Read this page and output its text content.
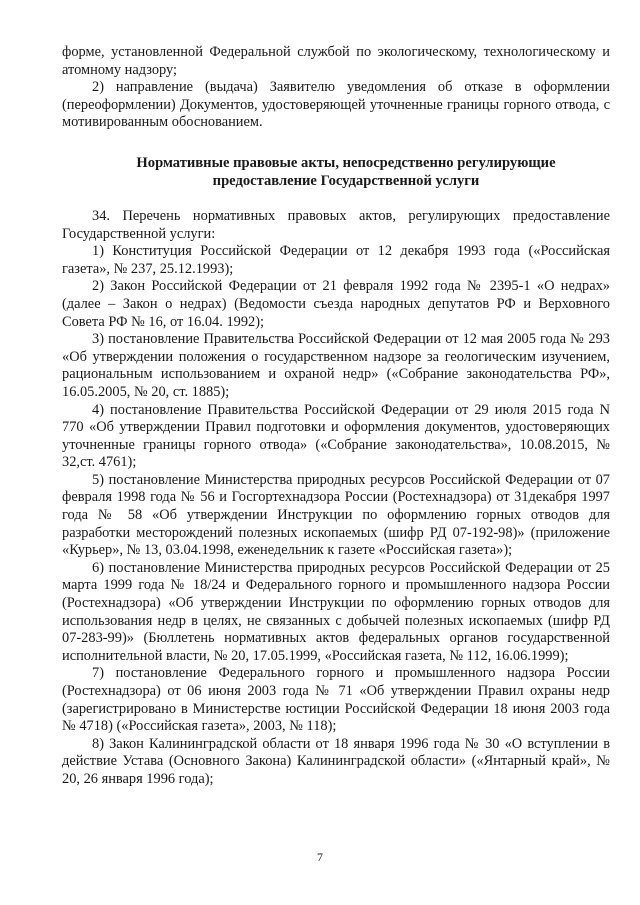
форме, установленной Федеральной службой по экологическому, технологическому и атомному надзору;

2) направление (выдача) Заявителю уведомления об отказе в оформлении (переоформлении) Документов, удостоверяющей уточненные границы горного отвода, с мотивированным обоснованием.

Нормативные правовые акты, непосредственно регулирующие предоставление Государственной услуги

34. Перечень нормативных правовых актов, регулирующих предоставление Государственной услуги:

1) Конституция Российской Федерации от 12 декабря 1993 года («Российская газета», № 237, 25.12.1993);

2) Закон Российской Федерации от 21 февраля 1992 года № 2395-1 «О недрах» (далее – Закон о недрах) (Ведомости съезда народных депутатов РФ и Верховного Совета РФ № 16, от 16.04. 1992);

3) постановление Правительства Российской Федерации от 12 мая 2005 года № 293 «Об утверждении положения о государственном надзоре за геологическим изучением, рациональным использованием и охраной недр» («Собрание законодательства РФ», 16.05.2005, № 20, ст. 1885);

4) постановление Правительства Российской Федерации от 29 июля 2015 года N 770 «Об утверждении Правил подготовки и оформления документов, удостоверяющих уточненные границы горного отвода» («Собрание законодательства», 10.08.2015, № 32,ст. 4761);

5) постановление Министерства природных ресурсов Российской Федерации от 07 февраля 1998 года № 56 и Госгортехнадзора России (Ростехнадзора) от 31декабря 1997 года № 58 «Об утверждении Инструкции по оформлению горных отводов для разработки месторождений полезных ископаемых (шифр РД 07-192-98)» (приложение «Курьер», № 13, 03.04.1998, еженедельник к газете «Российская газета»);

6) постановление Министерства природных ресурсов Российской Федерации от 25 марта 1999 года № 18/24 и Федерального горного и промышленного надзора России (Ростехнадзора) «Об утверждении Инструкции по оформлению горных отводов для использования недр в целях, не связанных с добычей полезных ископаемых (шифр РД 07-283-99)» (Бюллетень нормативных актов федеральных органов государственной исполнительной власти, № 20, 17.05.1999, «Российская газета, № 112, 16.06.1999);

7) постановление Федерального горного и промышленного надзора России (Ростехнадзора) от 06 июня 2003 года № 71 «Об утверждении Правил охраны недр (зарегистрировано в Министерстве юстиции Российской Федерации 18 июня 2003 года № 4718) («Российская газета», 2003, № 118);

8) Закон Калининградской области от 18 января 1996 года № 30 «О вступлении в действие Устава (Основного Закона) Калининградской области» («Янтарный край», № 20, 26 января 1996 года);

7
